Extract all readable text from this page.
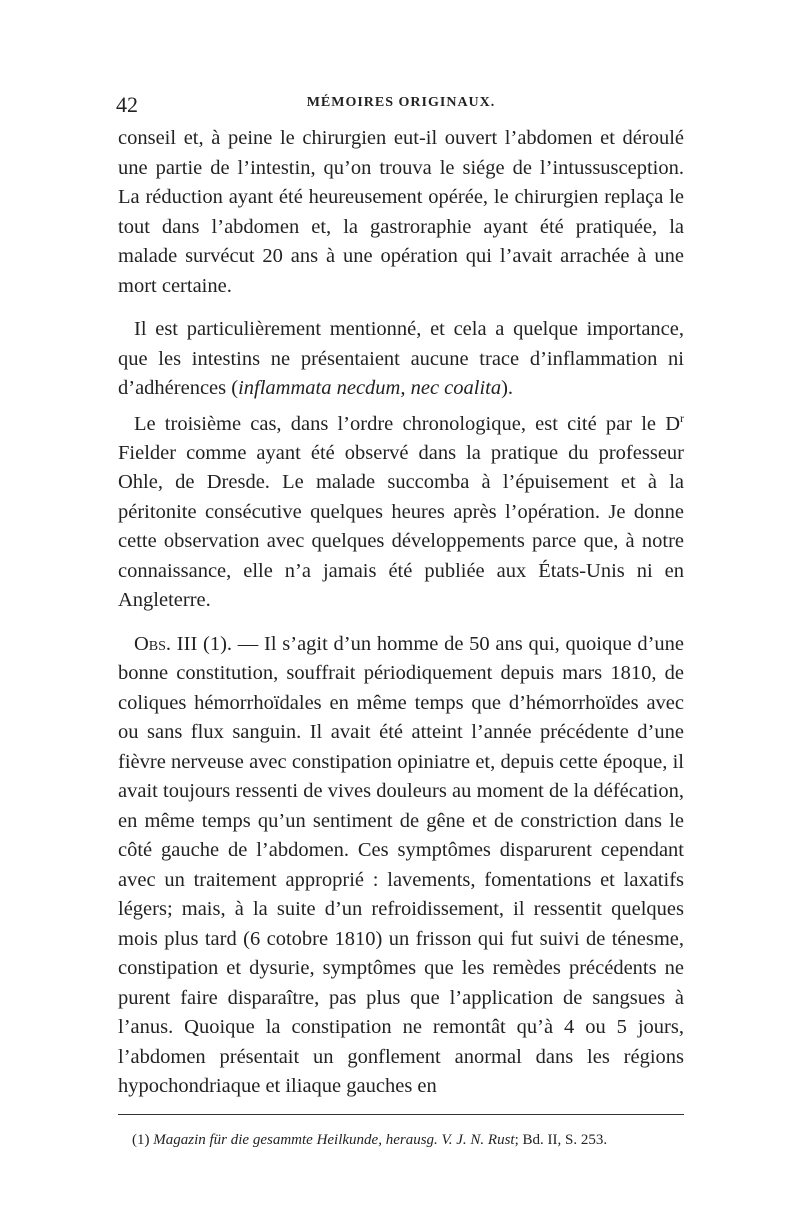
42	MÉMOIRES ORIGINAUX.

conseil et, à peine le chirurgien eut-il ouvert l’abdomen et déroulé une partie de l’intestin, qu’on trouva le siége de l’intussusception. La réduction ayant été heureusement opérée, le chirurgien replaça le tout dans l’abdomen et, la gastroraphie ayant été pratiquée, la malade survécut 20 ans à une opération qui l’avait arrachée à une mort certaine.

Il est particulièrement mentionné, et cela a quelque importance, que les intestins ne présentaient aucune trace d’inflammation ni d’adhérences (inflammata necdum, nec coalita).

Le troisième cas, dans l’ordre chronologique, est cité par le $D^r$ Fielder comme ayant été observé dans la pratique du professeur Ohle, de Dresde. Le malade succomba à l’épuisement et à la péritonite consécutive quelques heures après l’opération. Je donne cette observation avec quelques développements parce que, à notre connaissance, elle n’a jamais été publiée aux États-Unis ni en Angleterre.

Obs. III (1). — Il s’agit d’un homme de 50 ans qui, quoique d’une bonne constitution, souffrait périodiquement depuis mars 1810, de coliques hémorrhoïdales en même temps que d’hémorrhoïdes avec ou sans flux sanguin. Il avait été atteint l’année précédente d’une fièvre nerveuse avec constipation opiniatre et, depuis cette époque, il avait toujours ressenti de vives douleurs au moment de la défécation, en même temps qu’un sentiment de gêne et de constriction dans le côté gauche de l’abdomen. Ces symptômes disparurent cependant avec un traitement approprié : lavements, fomentations et laxatifs légers; mais, à la suite d’un refroidissement, il ressentit quelques mois plus tard (6 cotobre 1810) un frisson qui fut suivi de ténesme, constipation et dysurie, symptômes que les remèdes précédents ne purent faire disparaître, pas plus que l’application de sangsues à l’anus. Quoique la constipation ne remontât qu’à 4 ou 5 jours, l’abdomen présentait un gonflement anormal dans les régions hypochondriaque et iliaque gauches en

(1) Magazin für die gesammte Heilkunde, herausg. V. J. N. Rust; Bd. II, S. 253.
